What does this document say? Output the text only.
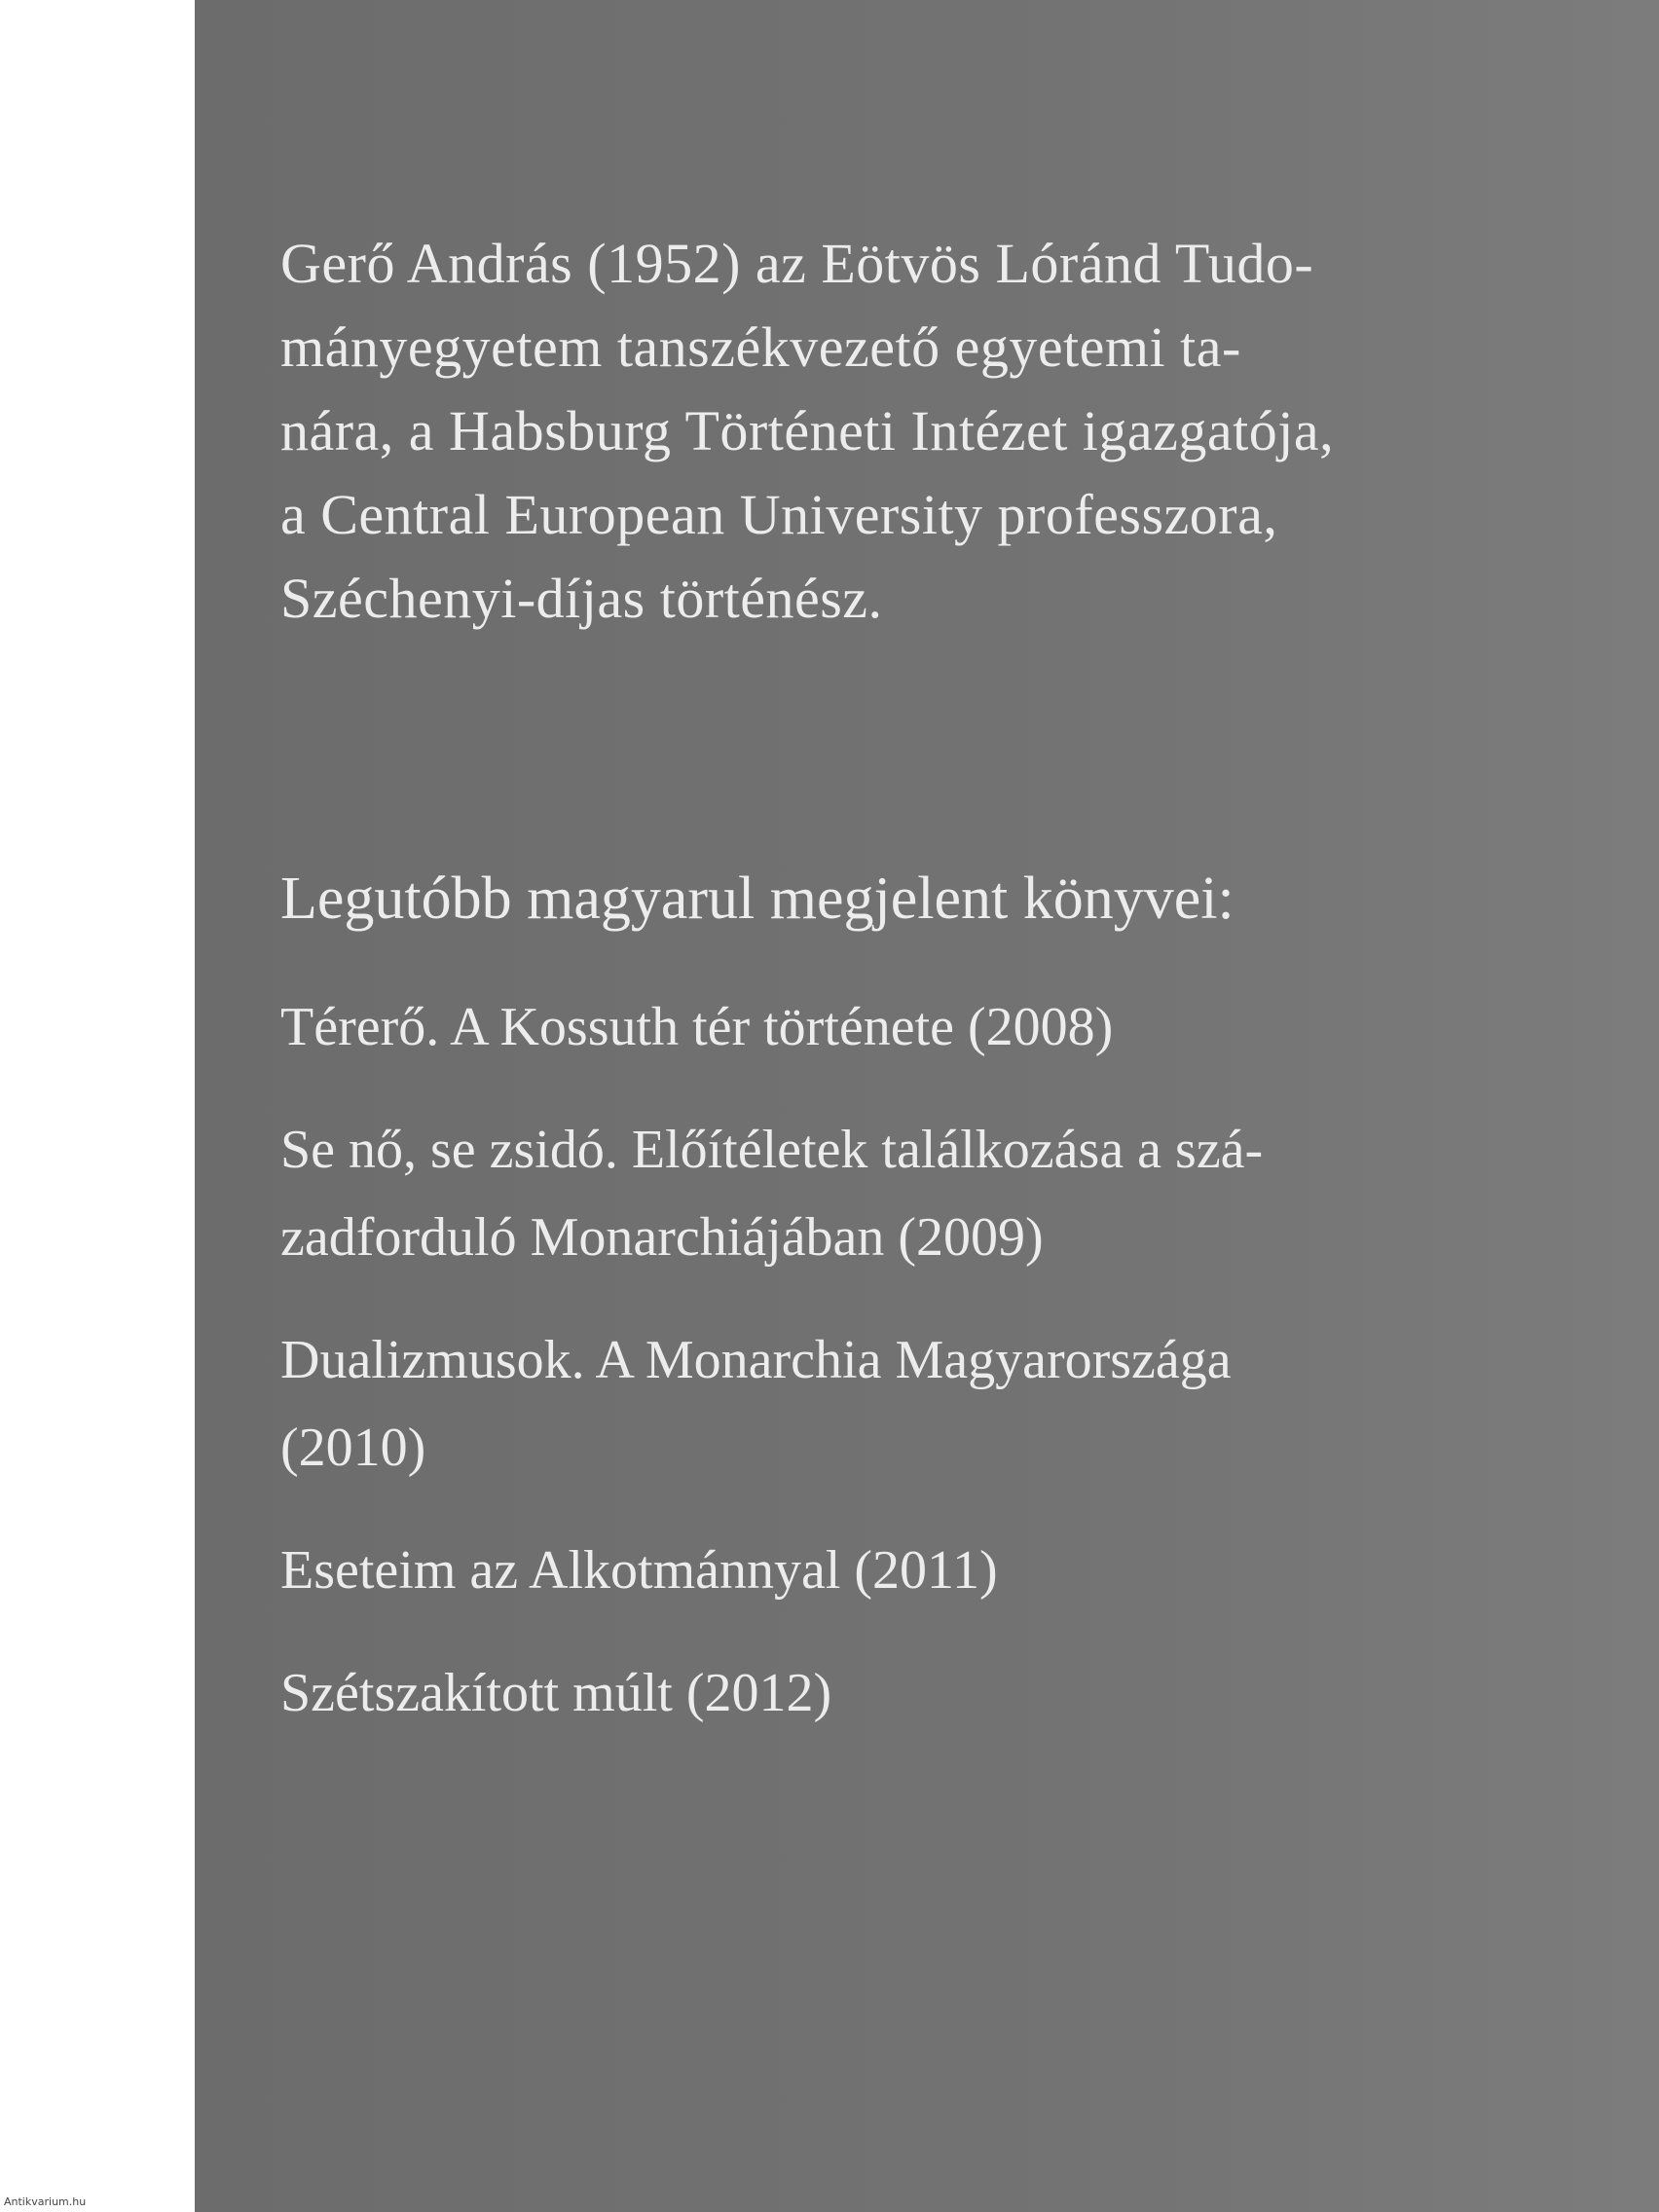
Gerő András (1952) az Eötvös Lóránd Tudo-
mányegyetem tanszékvezető egyetemi ta-
nára, a Habsburg Történeti Intézet igazgatója,
a Central European University professzora,
Széchenyi-díjas történész.
Legutóbb magyarul megjelent könyvei:
Térerő. A Kossuth tér története (2008)
Se nő, se zsidó. Előítéletek találkozása a szá-
zadforduló Monarchiájában (2009)
Dualizmusok. A Monarchia Magyarországa
(2010)
Eseteim az Alkotmánnyal (2011)
Szétszakított múlt (2012)
Antikvarium.hu
